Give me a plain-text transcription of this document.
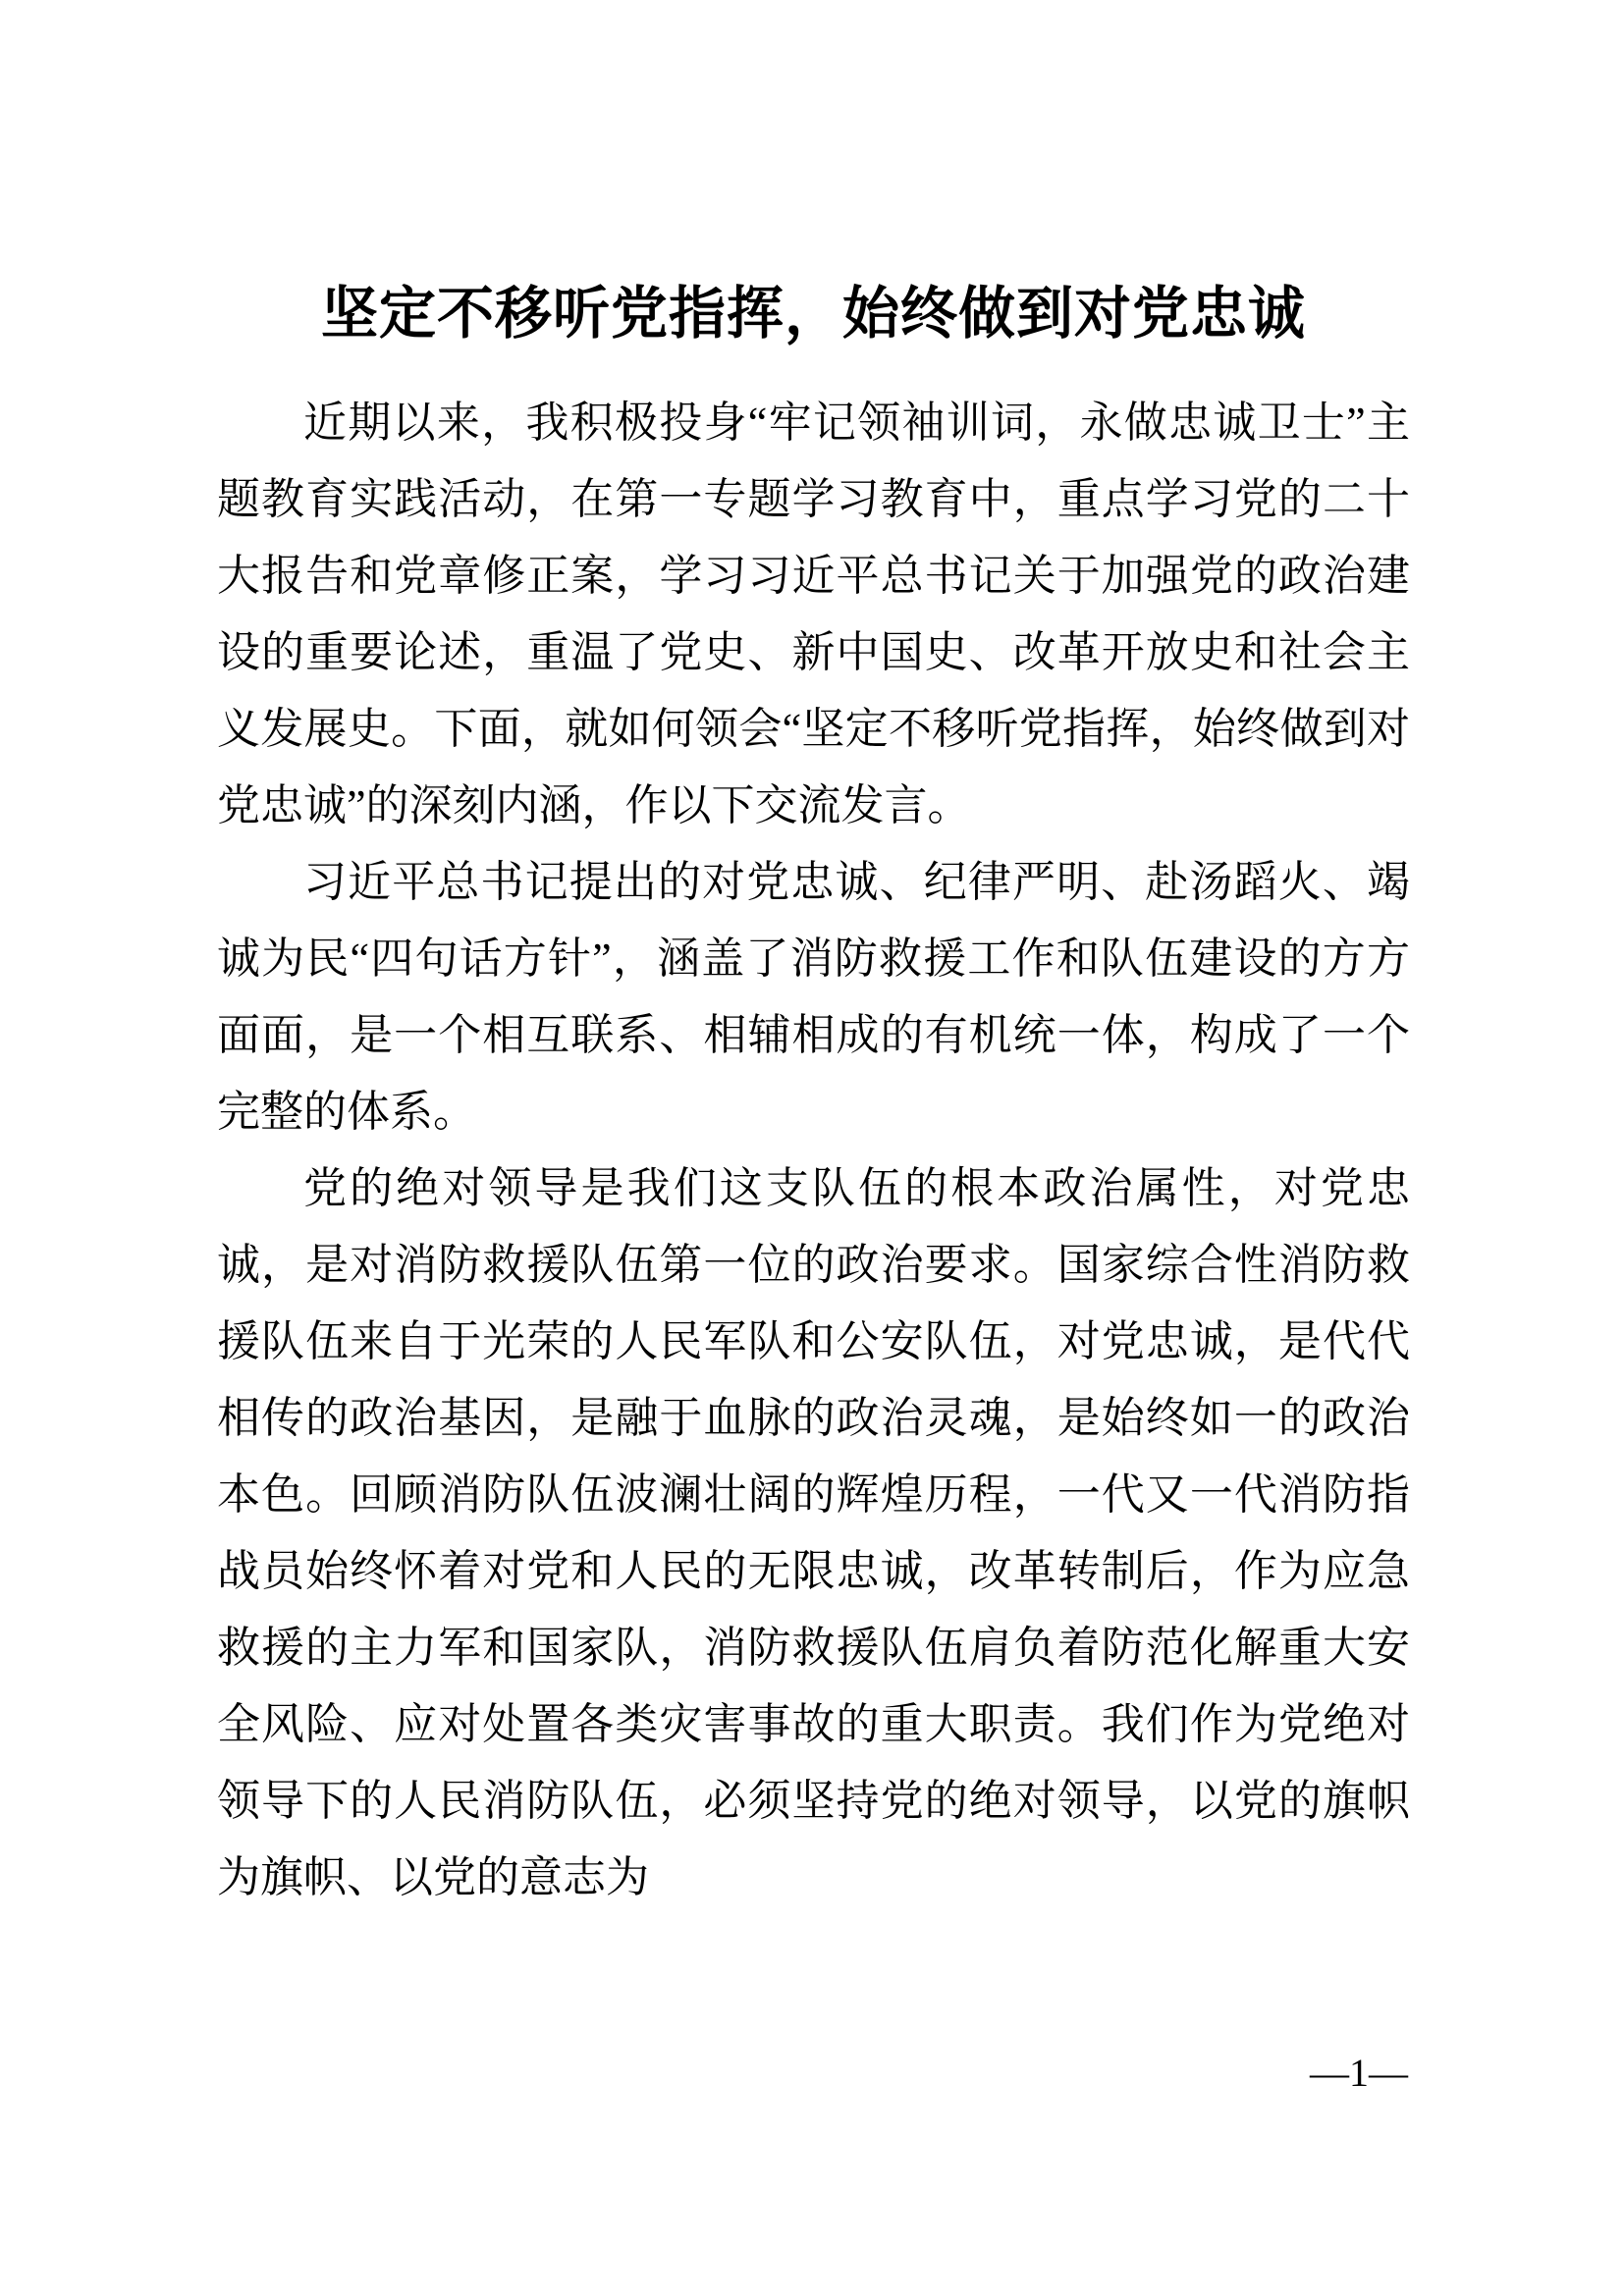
坚定不移听党指挥，始终做到对党忠诚

近期以来，我积极投身“牢记领袖训词，永做忠诚卫士”主题教育实践活动，在第一专题学习教育中，重点学习党的二十大报告和党章修正案，学习习近平总书记关于加强党的政治建设的重要论述，重温了党史、新中国史、改革开放史和社会主义发展史。下面，就如何领会“坚定不移听党指挥，始终做到对党忠诚”的深刻内涵，作以下交流发言。

习近平总书记提出的对党忠诚、纪律严明、赴汤蹈火、竭诚为民“四句话方针”，涵盖了消防救援工作和队伍建设的方方面面，是一个相互联系、相辅相成的有机统一体，构成了一个完整的体系。

党的绝对领导是我们这支队伍的根本政治属性，对党忠诚，是对消防救援队伍第一位的政治要求。国家综合性消防救援队伍来自于光荣的人民军队和公安队伍，对党忠诚，是代代相传的政治基因，是融于血脉的政治灵魂，是始终如一的政治本色。回顾消防队伍波澜壮阔的辉煌历程，一代又一代消防指战员始终怀着对党和人民的无限忠诚，改革转制后，作为应急救援的主力军和国家队，消防救援队伍肩负着防范化解重大安全风险、应对处置各类灾害事故的重大职责。我们作为党绝对领导下的人民消防队伍，必须坚持党的绝对领导，以党的旗帜为旗帜、以党的意志为

—1—
